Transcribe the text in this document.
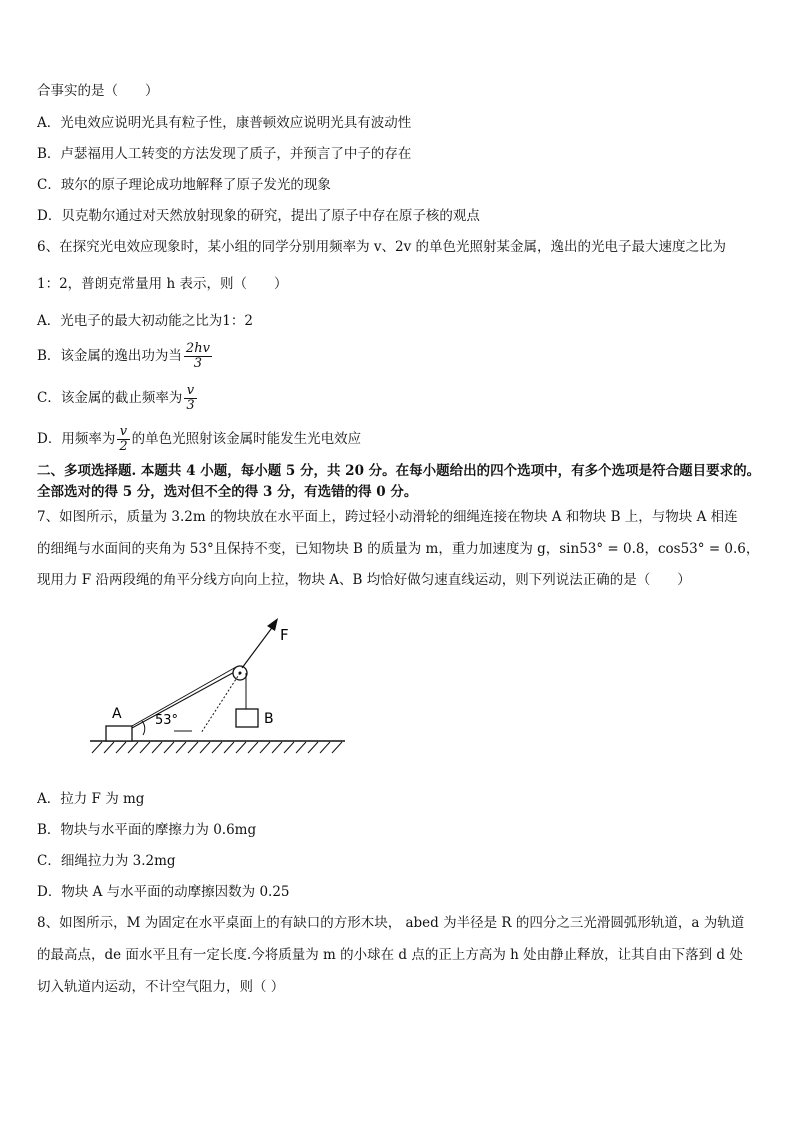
合事实的是（　　）
A．光电效应说明光具有粒子性，康普顿效应说明光具有波动性
B．卢瑟福用人工转变的方法发现了质子，并预言了中子的存在
C．玻尔的原子理论成功地解释了原子发光的现象
D．贝克勒尔通过对天然放射现象的研究，提出了原子中存在原子核的观点
6、在探究光电效应现象时，某小组的同学分别用频率为 v、2v 的单色光照射某金属，逸出的光电子最大速度之比为
1：2，普朗克常量用 h 表示，则（　　）
A．光电子的最大初动能之比为1：2
B．该金属的逸出功为当 $\frac{2hv}{3}$
C．该金属的截止频率为 $\frac{v}{3}$
D．用频率为 $\frac{v}{2}$ 的单色光照射该金属时能发生光电效应
二、多项选择题. 本题共 4 小题，每小题 5 分，共 20 分。在每小题给出的四个选项中，有多个选项是符合题目要求的。
全部选对的得 5 分，选对但不全的得 3 分，有选错的得 0 分。
7、如图所示，质量为 3.2m 的物块放在水平面上，跨过轻小动滑轮的细绳连接在物块 A 和物块 B 上，与物块 A 相连
的细绳与水面间的夹角为 53°且保持不变，已知物块 B 的质量为 m，重力加速度为 g，sin53° = 0.8，cos53° = 0.6，
现用力 F 沿两段绳的角平分线方向向上拉，物块 A、B 均恰好做匀速直线运动，则下列说法正确的是（　　）
A	53°	B
F
A．拉力 F 为 mg
B．物块与水平面的摩擦力为 0.6mg
C．细绳拉力为 3.2mg
D．物块 A 与水平面的动摩擦因数为 0.25
8、如图所示，M 为固定在水平桌面上的有缺口的方形木块， abed 为半径是 R 的四分之三光滑圆弧形轨道，a 为轨道
的最高点，de 面水平且有一定长度.今将质量为 m 的小球在 d 点的正上方高为 h 处由静止释放，让其自由下落到 d 处
切入轨道内运动，不计空气阻力，则（ ）
